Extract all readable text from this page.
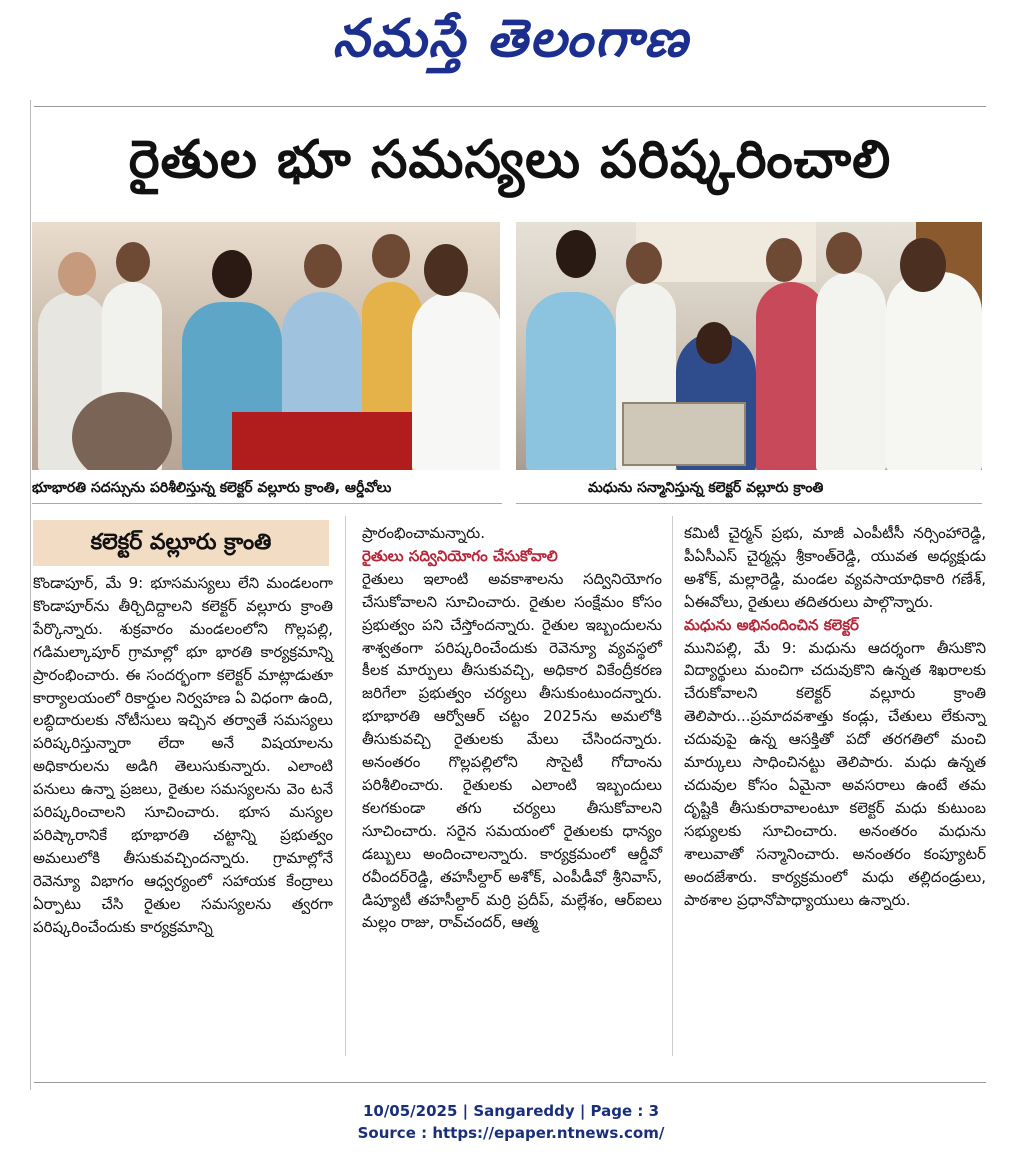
నమస్తే తెలంగాణ
రైతుల భూ సమస్యలు పరిష్కరించాలి
భూభారతి సదస్సును పరిశీలిస్తున్న కలెక్టర్ వల్లూరు క్రాంతి, ఆర్డీవోలు	మధును సన్మానిస్తున్న కలెక్టర్ వల్లూరు క్రాంతి
కలెక్టర్ వల్లూరు క్రాంతి

కొండాపూర్, మే 9: భూసమస్యలు లేని మండలంగా కొండాపూర్‌ను తీర్చిదిద్దాలని కలెక్టర్ వల్లూరు క్రాంతి పేర్కొన్నారు. శుక్రవారం మండలంలోని గొల్లపల్లి, గడిమల్కాపూర్ గ్రామాల్లో భూ భారతి కార్యక్రమాన్ని ప్రారంభించారు. ఈ సందర్భంగా కలెక్టర్ మాట్లాడుతూ కార్యాలయంలో రికార్డుల నిర్వహణ ఏ విధంగా ఉంది, లబ్ధిదారులకు నోటీసులు ఇచ్చిన తర్వాతే సమస్యలు పరిష్కరిస్తున్నారా లేదా అనే విషయాలను అధికారులను అడిగి తెలుసుకున్నారు. ఎలాంటి పనులు ఉన్నా ప్రజలు, రైతుల సమస్యలను వెం టనే పరిష్కరించాలని సూచించారు. భూస మస్యల పరిష్కారానికే భూభారతి చట్టాన్ని ప్రభుత్వం అమలులోకి తీసుకువచ్చిందన్నారు. గ్రామాల్లోనే రెవెన్యూ విభాగం ఆధ్వర్యంలో సహాయక కేంద్రాలు ఏర్పాటు చేసి రైతుల సమస్యలను త్వరగా పరిష్కరించేందుకు కార్యక్రమాన్ని

ప్రారంభించామన్నారు.

రైతులు సద్వినియోగం చేసుకోవాలి

రైతులు ఇలాంటి అవకాశాలను సద్వినియోగం చేసుకోవాలని సూచించారు. రైతుల సంక్షేమం కోసం ప్రభుత్వం పని చేస్తోందన్నారు. రైతుల ఇబ్బందులను శాశ్వతంగా పరిష్కరించేందుకు రెవెన్యూ వ్యవస్థలో కీలక మార్పులు తీసుకువచ్చి, అధికార వికేంద్రీకరణ జరిగేలా ప్రభుత్వం చర్యలు తీసుకుంటుందన్నారు. భూభారతి ఆర్వోఆర్ చట్టం 2025ను అమలోకి తీసుకువచ్చి రైతులకు మేలు చేసిందన్నారు. అనంతరం గొల్లపల్లిలోని సొసైటీ గోదాంను పరిశీలించారు. రైతులకు ఎలాంటి ఇబ్బందులు కలగకుండా తగు చర్యలు తీసుకోవాలని సూచించారు. సరైన సమయంలో రైతులకు ధాన్యం డబ్బులు అందించాలన్నారు. కార్యక్రమంలో ఆర్డీవో రవీందర్‌రెడ్డి, తహసీల్దార్ అశోక్, ఎంపీడీవో శ్రీనివాస్, డిప్యూటీ తహసీల్దార్ మర్రి ప్రదీప్, మల్లేశం, ఆర్‌ఐలు మల్లం రాజు, రావ్‌చందర్, ఆత్మ

కమిటీ చైర్మన్ ప్రభు, మాజీ ఎంపీటీసీ నర్సింహారెడ్డి, పీఏసీఎస్ చైర్మన్లు శ్రీకాంత్‌రెడ్డి, యువత అధ్యక్షుడు అశోక్, మల్లారెడ్డి, మండల వ్యవసాయాధికారి గణేశ్, ఏఈవోలు, రైతులు తదితరులు పాల్గొన్నారు.

మధును అభినందించిన కలెక్టర్

మునిపల్లి, మే 9: మధును ఆదర్శంగా తీసుకొని విద్యార్థులు మంచిగా చదువుకొని ఉన్నత శిఖరాలకు చేరుకోవాలని కలెక్టర్ వల్లూరు క్రాంతి తెలిపారు...ప్రమాదవశాత్తు కండ్లు, చేతులు లేకున్నా చదువుపై ఉన్న ఆసక్తితో పదో తరగతిలో మంచి మార్కులు సాధించినట్టు తెలిపారు. మధు ఉన్నత చదువుల కోసం ఏమైనా అవసరాలు ఉంటే తమ దృష్టికి తీసుకురావాలంటూ కలెక్టర్ మధు కుటుంబ సభ్యులకు సూచించారు. అనంతరం మధును శాలువాతో సన్మానించారు. అనంతరం కంప్యూటర్ అందజేశారు. కార్యక్రమంలో మధు తల్లిదండ్రులు, పాఠశాల ప్రధానోపాధ్యాయులు ఉన్నారు.

10/05/2025 | Sangareddy | Page : 3
Source : https://epaper.ntnews.com/
